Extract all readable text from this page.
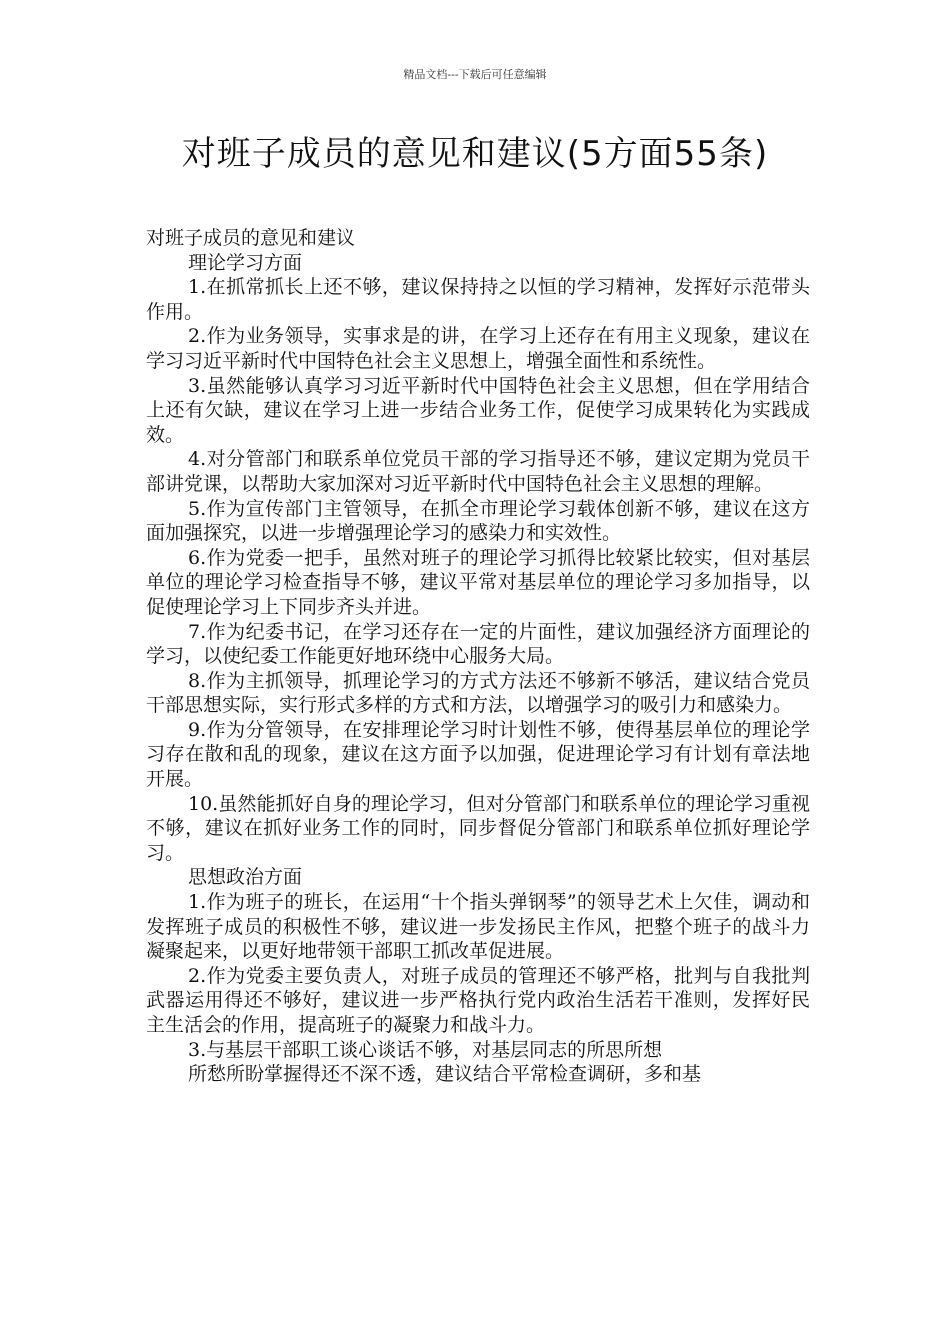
精品文档---下载后可任意编辑
对班子成员的意见和建议(5方面55条)

对班子成员的意见和建议

理论学习方面

1.在抓常抓长上还不够，建议保持持之以恒的学习精神，发挥好示范带头作用。

2.作为业务领导，实事求是的讲，在学习上还存在有用主义现象，建议在学习习近平新时代中国特色社会主义思想上，增强全面性和系统性。

3.虽然能够认真学习习近平新时代中国特色社会主义思想，但在学用结合上还有欠缺，建议在学习上进一步结合业务工作，促使学习成果转化为实践成效。

4.对分管部门和联系单位党员干部的学习指导还不够，建议定期为党员干部讲党课，以帮助大家加深对习近平新时代中国特色社会主义思想的理解。

5.作为宣传部门主管领导，在抓全市理论学习载体创新不够，建议在这方面加强探究，以进一步增强理论学习的感染力和实效性。

6.作为党委一把手，虽然对班子的理论学习抓得比较紧比较实，但对基层单位的理论学习检查指导不够，建议平常对基层单位的理论学习多加指导，以促使理论学习上下同步齐头并进。

7.作为纪委书记，在学习还存在一定的片面性，建议加强经济方面理论的学习，以使纪委工作能更好地环绕中心服务大局。

8.作为主抓领导，抓理论学习的方式方法还不够新不够活，建议结合党员干部思想实际，实行形式多样的方式和方法，以增强学习的吸引力和感染力。

9.作为分管领导，在安排理论学习时计划性不够，使得基层单位的理论学习存在散和乱的现象，建议在这方面予以加强，促进理论学习有计划有章法地开展。

10.虽然能抓好自身的理论学习，但对分管部门和联系单位的理论学习重视不够，建议在抓好业务工作的同时，同步督促分管部门和联系单位抓好理论学习。

思想政治方面

1.作为班子的班长，在运用“十个指头弹钢琴”的领导艺术上欠佳，调动和发挥班子成员的积极性不够，建议进一步发扬民主作风，把整个班子的战斗力凝聚起来，以更好地带领干部职工抓改革促进展。

2.作为党委主要负责人，对班子成员的管理还不够严格，批判与自我批判武器运用得还不够好，建议进一步严格执行党内政治生活若干准则，发挥好民主生活会的作用，提高班子的凝聚力和战斗力。

3.与基层干部职工谈心谈话不够，对基层同志的所思所想

所愁所盼掌握得还不深不透，建议结合平常检查调研，多和基
